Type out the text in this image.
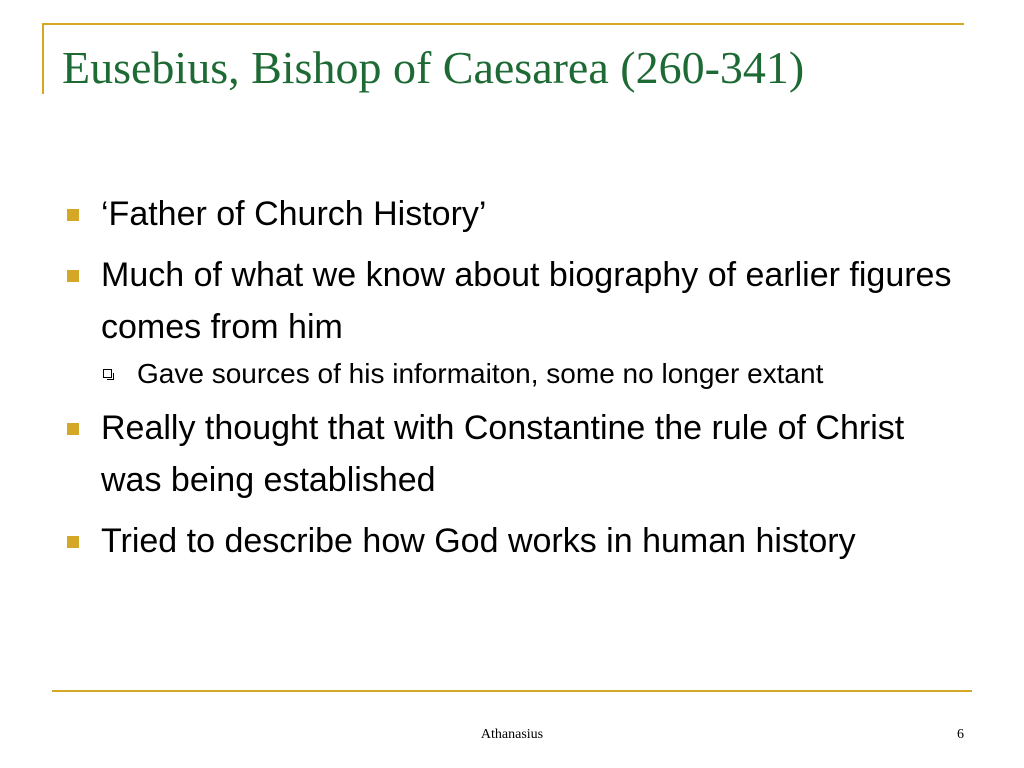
Eusebius, Bishop of Caesarea (260-341)
‘Father of Church History’
Much of what we know about biography of earlier figures comes from him
Gave sources of his informaiton, some no longer extant
Really thought that with Constantine the rule of Christ was being established
Tried to describe how God works in human history
Athanasius	6
